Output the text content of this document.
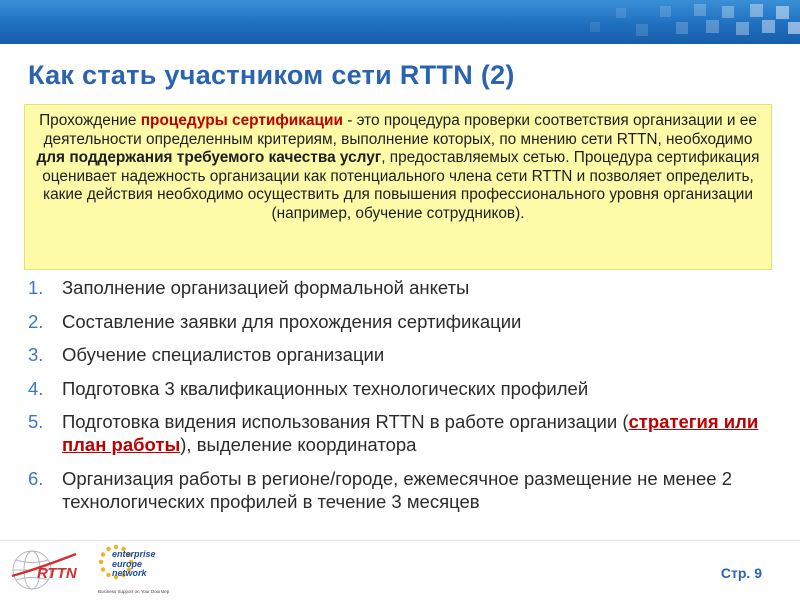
Как стать участником сети RTTN (2)
Прохождение процедуры сертификации - это процедура проверки соответствия организации и ее деятельности определенным критериям, выполнение которых, по мнению сети RTTN, необходимо для поддержания требуемого качества услуг, предоставляемых сетью. Процедура сертификация оценивает надежность организации как потенциального члена сети RTTN и позволяет определить, какие действия необходимо осуществить для повышения профессионального уровня организации (например, обучение сотрудников).
1.	Заполнение организацией формальной анкеты
2.	Составление заявки для прохождения сертификации
3.	Обучение специалистов организации
4.	Подготовка 3 квалификационных технологических профилей
5.	Подготовка видения использования RTTN в работе организации (стратегия или план работы), выделение координатора
6.	Организация работы в регионе/городе, ежемесячное размещение не менее 2 технологических профилей в течение 3 месяцев
RTTN
enterprise
europe
network
Business Support on Your Doorstep
Стр. 9
